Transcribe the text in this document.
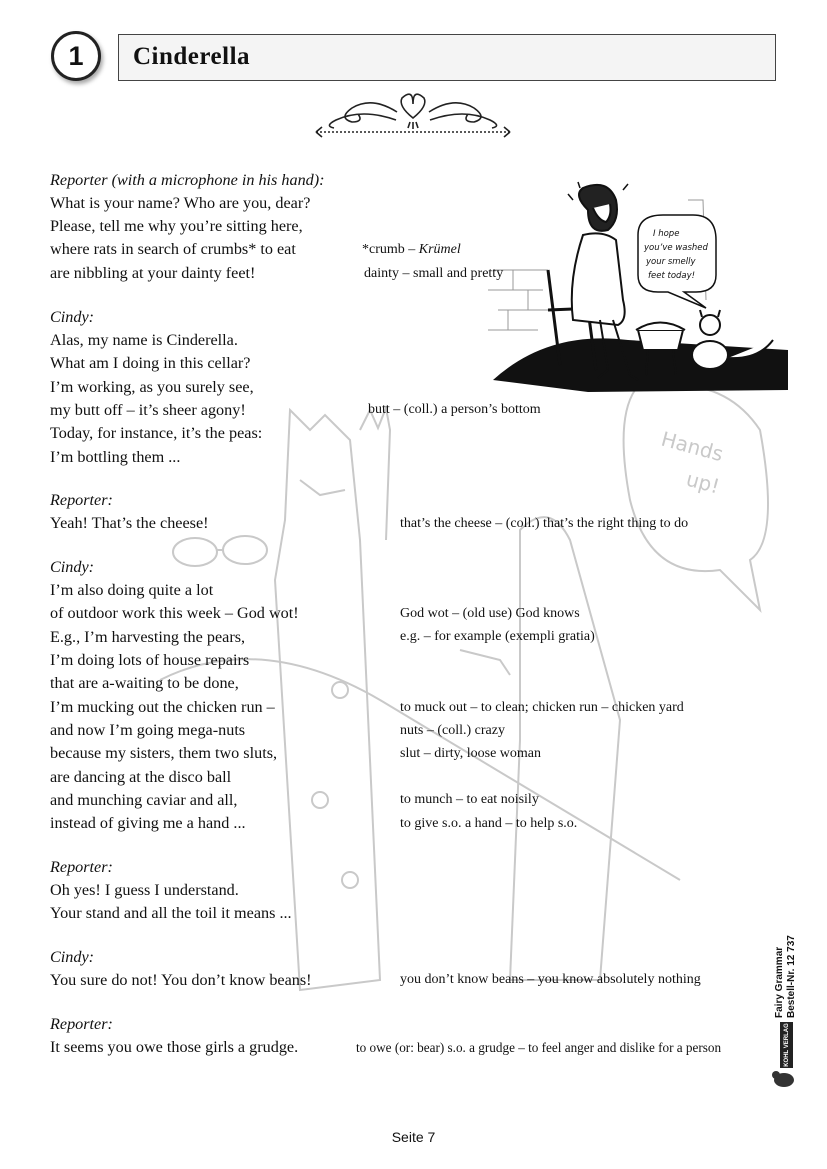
Hands
up!
1 Cinderella
I hope
you’ve washed
your smelly
feet today!
Reporter (with a microphone in his hand):
What is your name? Who are you, dear?
Please, tell me why you’re sitting here,
where rats in search of crumbs* to eat
are nibbling at your dainty feet!
Cindy:
Alas, my name is Cinderella.
What am I doing in this cellar?
I’m working, as you surely see,
my butt off – it’s sheer agony!
Today, for instance, it’s the peas:
I’m bottling them ...
Reporter:
Yeah! That’s the cheese!
Cindy:
I’m also doing quite a lot
of outdoor work this week – God wot!
E.g., I’m harvesting the pears,
I’m doing lots of house repairs
that are a-waiting to be done,
I’m mucking out the chicken run –
and now I’m going mega-nuts
because my sisters, them two sluts,
are dancing at the disco ball
and munching caviar and all,
instead of giving me a hand ...
Reporter:
Oh yes! I guess I understand.
Your stand and all the toil it means ...
Cindy:
You sure do not! You don’t know beans!
Reporter:
It seems you owe those girls a grudge.
*crumb – Krümel
dainty – small and pretty
butt – (coll.) a person’s bottom
that’s the cheese – (coll.) that’s the right thing to do
God wot – (old use) God knows
e.g. – for example (exempli gratia)
to muck out – to clean; chicken run – chicken yard
nuts – (coll.) crazy
slut – dirty, loose woman
to munch – to eat noisily
to give s.o. a hand – to help s.o.
you don’t know beans – you know absolutely nothing
to owe (or: bear) s.o. a grudge – to feel anger and dislike for a person
Fairy Grammar Bestell-Nr. 12 737
KOHL VERLAG
Seite 7
